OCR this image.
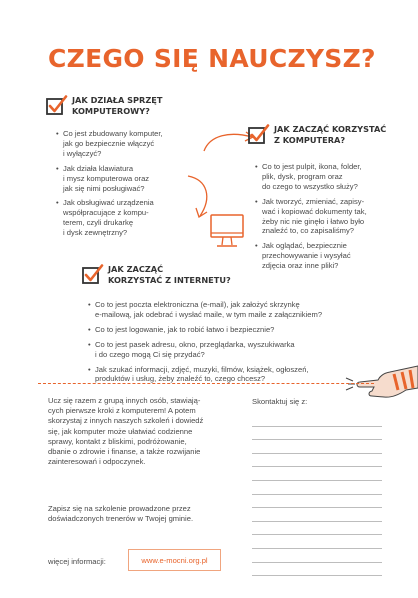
CZEGO SIĘ NAUCZYSZ?
JAK DZIAŁA SPRZĘT
KOMPUTEROWY?
• Co jest zbudowany komputer,
jak go bezpiecznie włączyć
i wyłączyć?
• Jak działa klawiatura
i mysz komputerowa oraz
jak się nimi posługiwać?
• Jak obsługiwać urządzenia
współpracujące z kompu-
terem, czyli drukarkę
i dysk zewnętrzny?
JAK ZACZĄĆ KORZYSTAĆ
Z KOMPUTERA?
• Co to jest pulpit, ikona, folder,
plik, dysk, program oraz
do czego to wszystko służy?
• Jak tworzyć, zmieniać, zapisy-
wać i kopiować dokumenty tak,
żeby nic nie ginęło i łatwo było
znaleźć to, co zapisaliśmy?
• Jak oglądać, bezpiecznie
przechowywanie i wysyłać
zdjęcia oraz inne pliki?
JAK ZACZĄĆ
KORZYSTAĆ Z INTERNETU?
• Co to jest poczta elektroniczna (e-mail), jak założyć skrzynkę
e-mailową, jak odebrać i wysłać maile, w tym maile z załącznikiem?
• Co to jest logowanie, jak to robić łatwo i bezpiecznie?
• Co to jest pasek adresu, okno, przeglądarka, wyszukiwarka
i do czego mogą Ci się przydać?
• Jak szukać informacji, zdjęć, muzyki, filmów, książek, ogłoszeń,
produktów i usług, żeby znaleźć to, czego chcesz?
Ucz się razem z grupą innych osób, stawiają-
cych pierwsze kroki z komputerem! A potem
skorzystaj z innych naszych szkoleń i dowiedź
się, jak komputer może ułatwiać codzienne
sprawy, kontakt z bliskimi, podróżowanie,
dbanie o zdrowie i finanse, a także rozwijanie
zainteresowań i odpoczynek.
Zapisz się na szkolenie prowadzone przez
doświadczonych trenerów w Twojej gminie.
więcej informacji:	www.e-mocni.org.pl
Skontaktuj się z:
